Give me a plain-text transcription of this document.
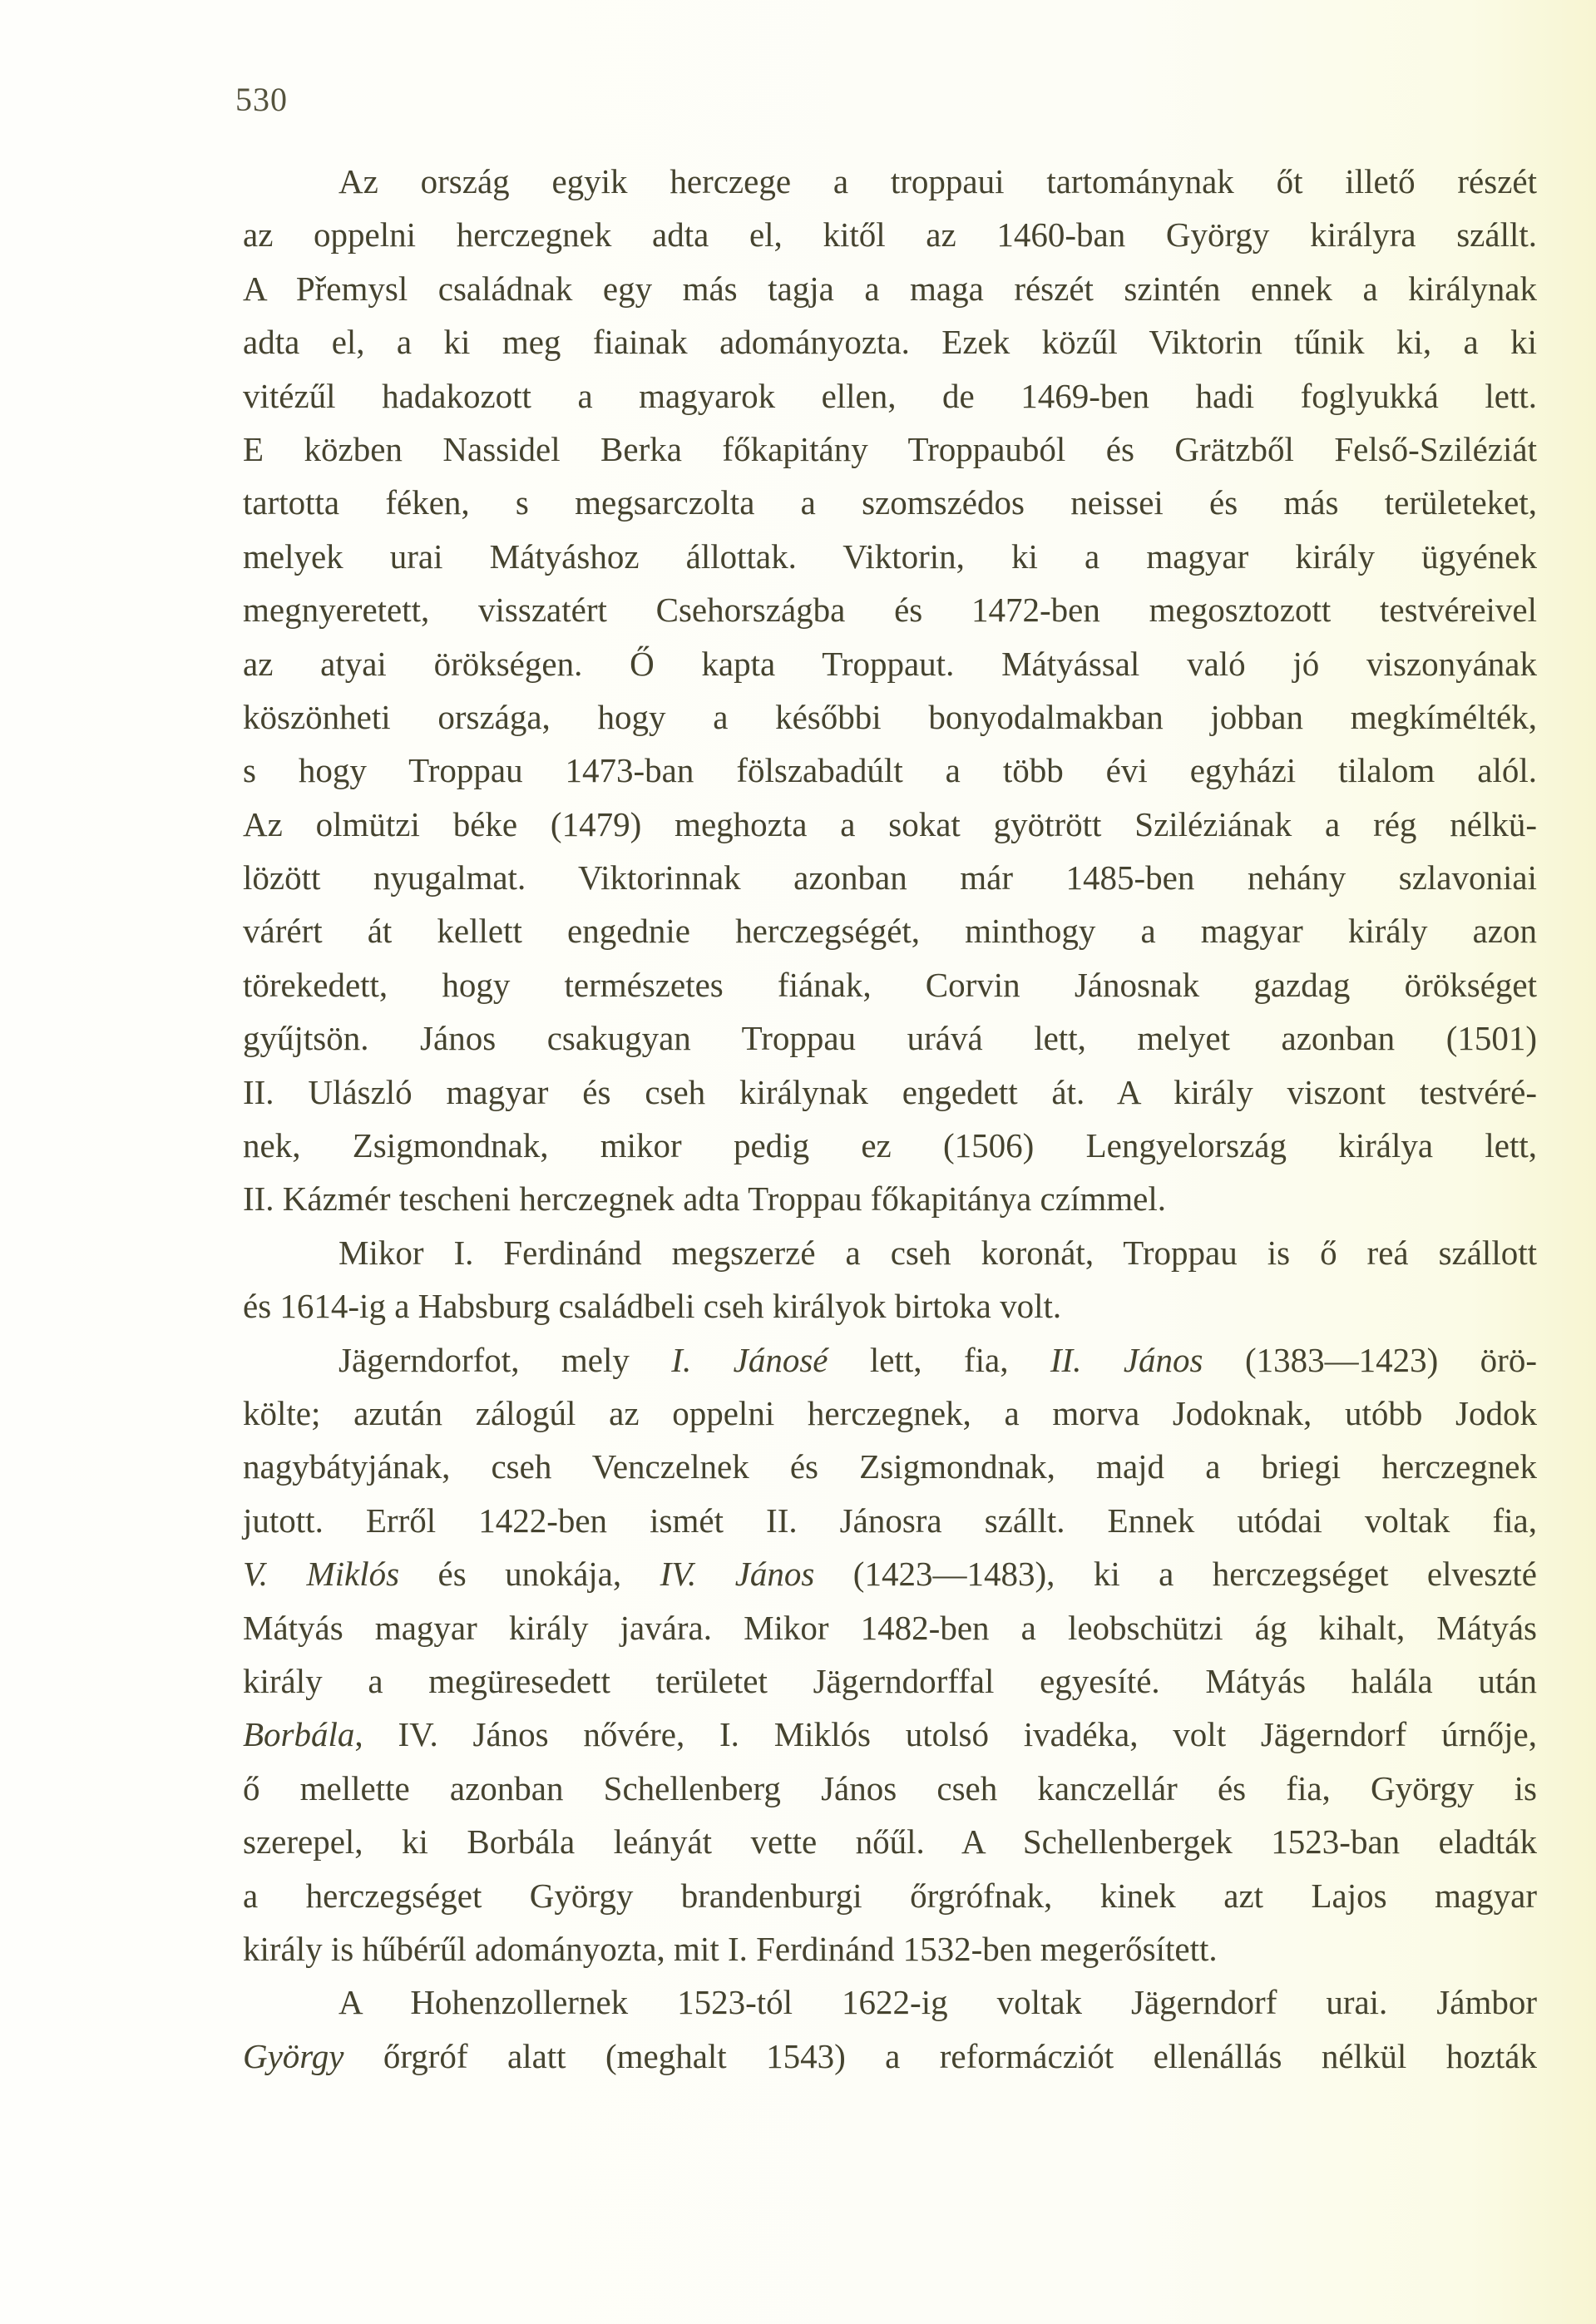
530
Az ország egyik herczege a troppaui tartománynak őt illető részét
az oppelni herczegnek adta el, kitől az 1460-ban György királyra szállt.
A Přemysl családnak egy más tagja a maga részét szintén ennek a királynak
adta el, a ki meg fiainak adományozta. Ezek közűl Viktorin tűnik ki, a ki
vitézűl hadakozott a magyarok ellen, de 1469-ben hadi foglyukká lett.
E közben Nassidel Berka főkapitány Troppauból és Grätzből Felső-Sziléziát
tartotta féken, s megsarczolta a szomszédos neissei és más területeket,
melyek urai Mátyáshoz állottak. Viktorin, ki a magyar király ügyének
megnyeretett, visszatért Csehországba és 1472-ben megosztozott testvéreivel
az atyai örökségen. Ő kapta Troppaut. Mátyással való jó viszonyának
köszönheti országa, hogy a későbbi bonyodalmakban jobban megkímélték,
s hogy Troppau 1473-ban fölszabadúlt a több évi egyházi tilalom alól.
Az olmützi béke (1479) meghozta a sokat gyötrött Sziléziának a rég nélkü-
lözött nyugalmat. Viktorinnak azonban már 1485-ben nehány szlavoniai
várért át kellett engednie herczegségét, minthogy a magyar király azon
törekedett, hogy természetes fiának, Corvin Jánosnak gazdag örökséget
gyűjtsön. János csakugyan Troppau urává lett, melyet azonban (1501)
II. Ulászló magyar és cseh királynak engedett át. A király viszont testvéré-
nek, Zsigmondnak, mikor pedig ez (1506) Lengyelország királya lett,
II. Kázmér tescheni herczegnek adta Troppau főkapitánya czímmel.
Mikor I. Ferdinánd megszerzé a cseh koronát, Troppau is ő reá szállott
és 1614-ig a Habsburg családbeli cseh királyok birtoka volt.
Jägerndorfot, mely I. Jánosé lett, fia, II. János (1383—1423) örö-
költe; azután zálogúl az oppelni herczegnek, a morva Jodoknak, utóbb Jodok
nagybátyjának, cseh Venczelnek és Zsigmondnak, majd a briegi herczegnek
jutott. Erről 1422-ben ismét II. Jánosra szállt. Ennek utódai voltak fia,
V. Miklós és unokája, IV. János (1423—1483), ki a herczegséget elveszté
Mátyás magyar király javára. Mikor 1482-ben a leobschützi ág kihalt, Mátyás
király a megüresedett területet Jägerndorffal egyesíté. Mátyás halála után
Borbála, IV. János nővére, I. Miklós utolsó ivadéka, volt Jägerndorf úrnője,
ő mellette azonban Schellenberg János cseh kanczellár és fia, György is
szerepel, ki Borbála leányát vette nőűl. A Schellenbergek 1523-ban eladták
a herczegséget György brandenburgi őrgrófnak, kinek azt Lajos magyar
király is hűbérűl adományozta, mit I. Ferdinánd 1532-ben megerősített.
A Hohenzollernek 1523-tól 1622-ig voltak Jägerndorf urai. Jámbor
György őrgróf alatt (meghalt 1543) a reformácziót ellenállás nélkül hozták
